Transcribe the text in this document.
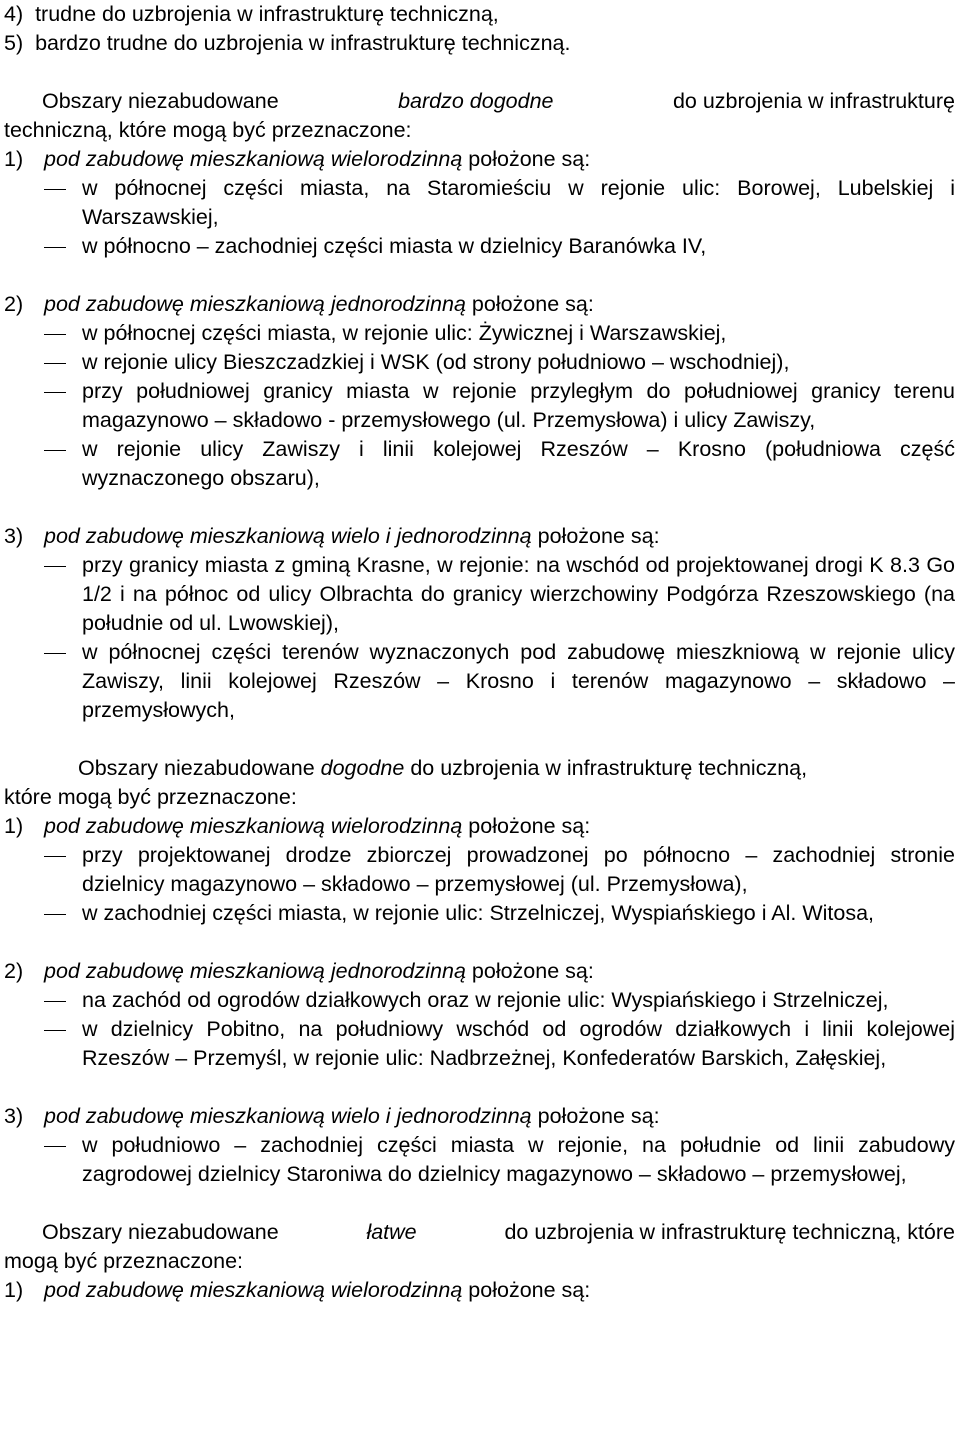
4)  trudne do uzbrojenia w infrastrukturę techniczną,
5)  bardzo trudne do uzbrojenia w infrastrukturę techniczną.
Obszary niezabudowane	bardzo dogodne	do uzbrojenia w infrastrukturę
techniczną, które mogą być przeznaczone:
1) pod zabudowę mieszkaniową wielorodzinną położone są:
w północnej części miasta, na Staromieściu w rejonie ulic: Borowej, Lubelskiej i Warszawskiej,
w północno – zachodniej części miasta w dzielnicy Baranówka IV,
2) pod zabudowę mieszkaniową jednorodzinną położone są:
w północnej części miasta, w rejonie ulic: Żywicznej i Warszawskiej,
w rejonie ulicy Bieszczadzkiej i WSK (od strony południowo – wschodniej),
przy południowej granicy miasta w rejonie przyległym do południowej granicy terenu magazynowo – składowo - przemysłowego (ul. Przemysłowa) i ulicy Zawiszy,
w rejonie ulicy Zawiszy i linii kolejowej Rzeszów – Krosno (południowa część wyznaczonego obszaru),
3) pod zabudowę mieszkaniową wielo i jednorodzinną położone są:
przy granicy miasta z gminą Krasne, w rejonie: na wschód od projektowanej drogi K 8.3 Go 1/2 i na północ od ulicy Olbrachta do granicy wierzchowiny Podgórza Rzeszowskiego (na południe od ul. Lwowskiej),
w północnej części terenów wyznaczonych pod zabudowę mieszkniową w rejonie ulicy Zawiszy, linii kolejowej Rzeszów – Krosno i terenów magazynowo – składowo – przemysłowych,
Obszary niezabudowane dogodne do uzbrojenia w infrastrukturę techniczną,
które mogą być przeznaczone:
1) pod zabudowę mieszkaniową wielorodzinną położone są:
przy projektowanej drodze zbiorczej prowadzonej po północno – zachodniej stronie dzielnicy magazynowo – składowo – przemysłowej (ul. Przemysłowa),
w zachodniej części miasta, w rejonie ulic: Strzelniczej, Wyspiańskiego i Al. Witosa,
2) pod zabudowę mieszkaniową jednorodzinną położone są:
na zachód od ogrodów działkowych oraz w rejonie ulic: Wyspiańskiego i Strzelniczej,
w dzielnicy Pobitno, na południowy wschód od ogrodów działkowych i linii kolejowej Rzeszów – Przemyśl, w rejonie ulic: Nadbrzeżnej, Konfederatów Barskich, Załęskiej,
3) pod zabudowę mieszkaniową wielo i jednorodzinną położone są:
w południowo – zachodniej części miasta w rejonie, na południe od linii zabudowy zagrodowej dzielnicy Staroniwa do dzielnicy magazynowo – składowo – przemysłowej,
Obszary niezabudowane	łatwe	do uzbrojenia w infrastrukturę techniczną, które
mogą być przeznaczone:
1) pod zabudowę mieszkaniową wielorodzinną położone są:
